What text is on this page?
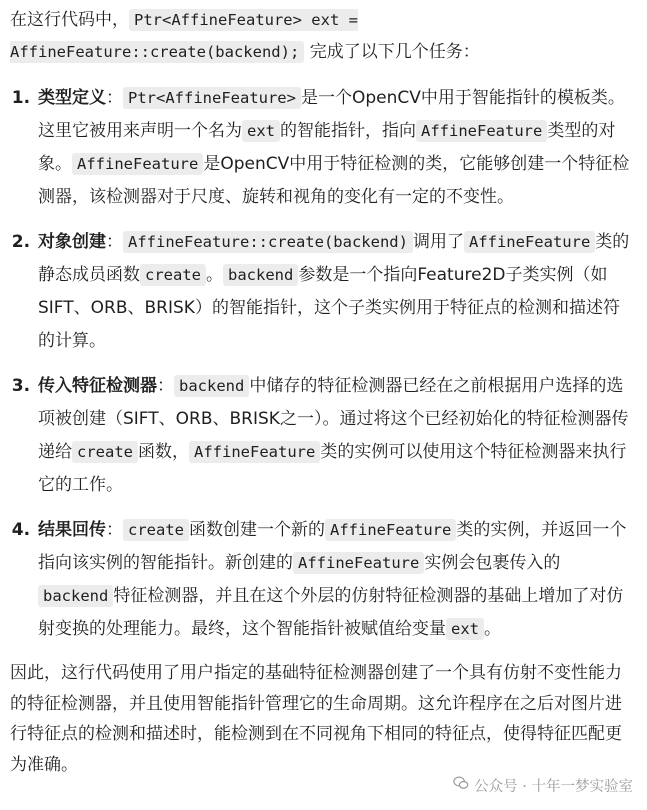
在这行代码中， Ptr<AffineFeature> ext = AffineFeature::create(backend); 完成了以下几个任务：

1. 类型定义： Ptr<AffineFeature> 是一个OpenCV中用于智能指针的模板类。这里它被用来声明一个名为 ext 的智能指针，指向 AffineFeature 类型的对象。 AffineFeature 是OpenCV中用于特征检测的类，它能够创建一个特征检测器，该检测器对于尺度、旋转和视角的变化有一定的不变性。
2. 对象创建： AffineFeature::create(backend) 调用了 AffineFeature 类的静态成员函数 create 。 backend 参数是一个指向Feature2D子类实例（如SIFT、ORB、BRISK）的智能指针，这个子类实例用于特征点的检测和描述符的计算。
3. 传入特征检测器： backend 中储存的特征检测器已经在之前根据用户选择的选项被创建（SIFT、ORB、BRISK之一）。通过将这个已经初始化的特征检测器传递给 create 函数， AffineFeature 类的实例可以使用这个特征检测器来执行它的工作。
4. 结果回传： create 函数创建一个新的 AffineFeature 类的实例，并返回一个指向该实例的智能指针。新创建的 AffineFeature 实例会包裹传入的backend 特征检测器，并且在这个外层的仿射特征检测器的基础上增加了对仿射变换的处理能力。最终，这个智能指针被赋值给变量 ext 。

因此，这行代码使用了用户指定的基础特征检测器创建了一个具有仿射不变性能力的特征检测器，并且使用智能指针管理它的生命周期。这允许程序在之后对图片进行特征点的检测和描述时，能检测到在不同视角下相同的特征点，使得特征匹配更为准确。

公众号 · 十年一梦实验室
